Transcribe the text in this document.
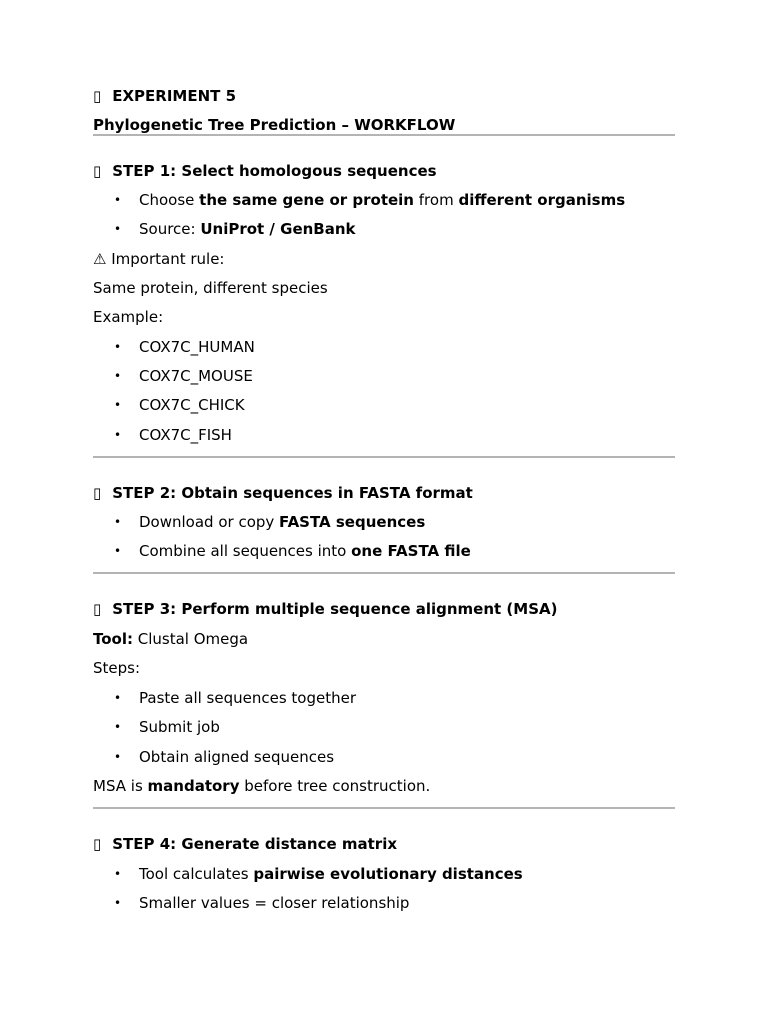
▯ EXPERIMENT 5

Phylogenetic Tree Prediction – WORKFLOW

▯ STEP 1: Select homologous sequences

• Choose the same gene or protein from different organisms
• Source: UniProt / GenBank

⚠ Important rule:

Same protein, different species

Example:

• COX7C_HUMAN
• COX7C_MOUSE
• COX7C_CHICK
• COX7C_FISH

▯ STEP 2: Obtain sequences in FASTA format

• Download or copy FASTA sequences
• Combine all sequences into one FASTA file

▯ STEP 3: Perform multiple sequence alignment (MSA)

Tool: Clustal Omega

Steps:

• Paste all sequences together
• Submit job
• Obtain aligned sequences

MSA is mandatory before tree construction.

▯ STEP 4: Generate distance matrix

• Tool calculates pairwise evolutionary distances
• Smaller values = closer relationship
